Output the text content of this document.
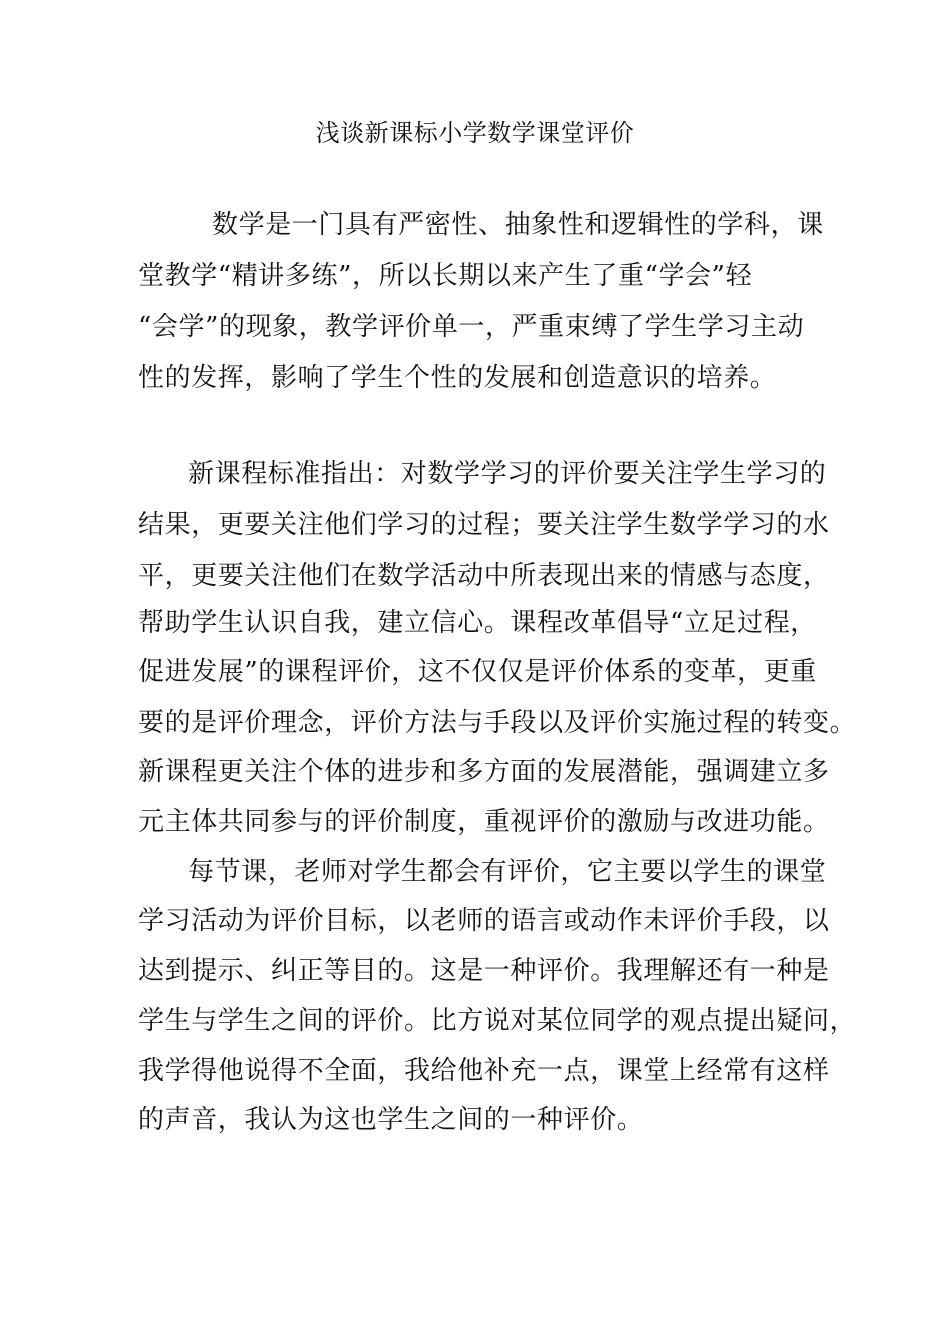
浅谈新课标小学数学课堂评价
数学是一门具有严密性、抽象性和逻辑性的学科，课
堂教学“精讲多练”，所以长期以来产生了重“学会”轻
“会学”的现象，教学评价单一，严重束缚了学生学习主动
性的发挥，影响了学生个性的发展和创造意识的培养。
新课程标准指出：对数学学习的评价要关注学生学习的
结果，更要关注他们学习的过程；要关注学生数学学习的水
平，更要关注他们在数学活动中所表现出来的情感与态度，
帮助学生认识自我，建立信心。课程改革倡导“立足过程，
促进发展”的课程评价，这不仅仅是评价体系的变革，更重
要的是评价理念，评价方法与手段以及评价实施过程的转变。
新课程更关注个体的进步和多方面的发展潜能，强调建立多
元主体共同参与的评价制度，重视评价的激励与改进功能。
每节课，老师对学生都会有评价，它主要以学生的课堂
学习活动为评价目标，以老师的语言或动作未评价手段，以
达到提示、纠正等目的。这是一种评价。我理解还有一种是
学生与学生之间的评价。比方说对某位同学的观点提出疑问，
我学得他说得不全面，我给他补充一点，课堂上经常有这样
的声音，我认为这也学生之间的一种评价。
